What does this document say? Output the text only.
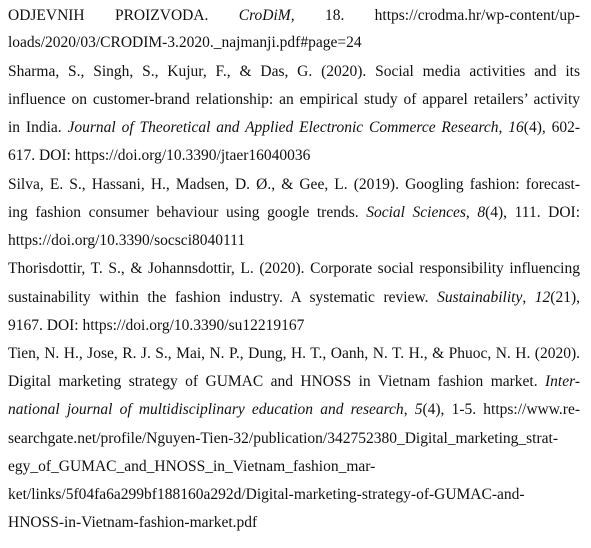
ODJEVNIH PROIZVODA. CroDiM, 18. https://crodma.hr/wp-content/up-
loads/2020/03/CRODIM-3.2020._najmanji.pdf#page=24
Sharma, S., Singh, S., Kujur, F., & Das, G. (2020). Social media activities and its
influence on customer-brand relationship: an empirical study of apparel retailers’ activity
in India. Journal of Theoretical and Applied Electronic Commerce Research, 16(4), 602-
617. DOI: https://doi.org/10.3390/jtaer16040036
Silva, E. S., Hassani, H., Madsen, D. Ø., & Gee, L. (2019). Googling fashion: forecast-
ing fashion consumer behaviour using google trends. Social Sciences, 8(4), 111. DOI:
https://doi.org/10.3390/socsci8040111
Thorisdottir, T. S., & Johannsdottir, L. (2020). Corporate social responsibility influencing
sustainability within the fashion industry. A systematic review. Sustainability, 12(21),
9167. DOI: https://doi.org/10.3390/su12219167
Tien, N. H., Jose, R. J. S., Mai, N. P., Dung, H. T., Oanh, N. T. H., & Phuoc, N. H. (2020).
Digital marketing strategy of GUMAC and HNOSS in Vietnam fashion market. Inter-
national journal of multidisciplinary education and research, 5(4), 1-5. https://www.re-
searchgate.net/profile/Nguyen-Tien-32/publication/342752380_Digital_marketing_strat-
egy_of_GUMAC_and_HNOSS_in_Vietnam_fashion_mar-
ket/links/5f04fa6a299bf188160a292d/Digital-marketing-strategy-of-GUMAC-and-
HNOSS-in-Vietnam-fashion-market.pdf
